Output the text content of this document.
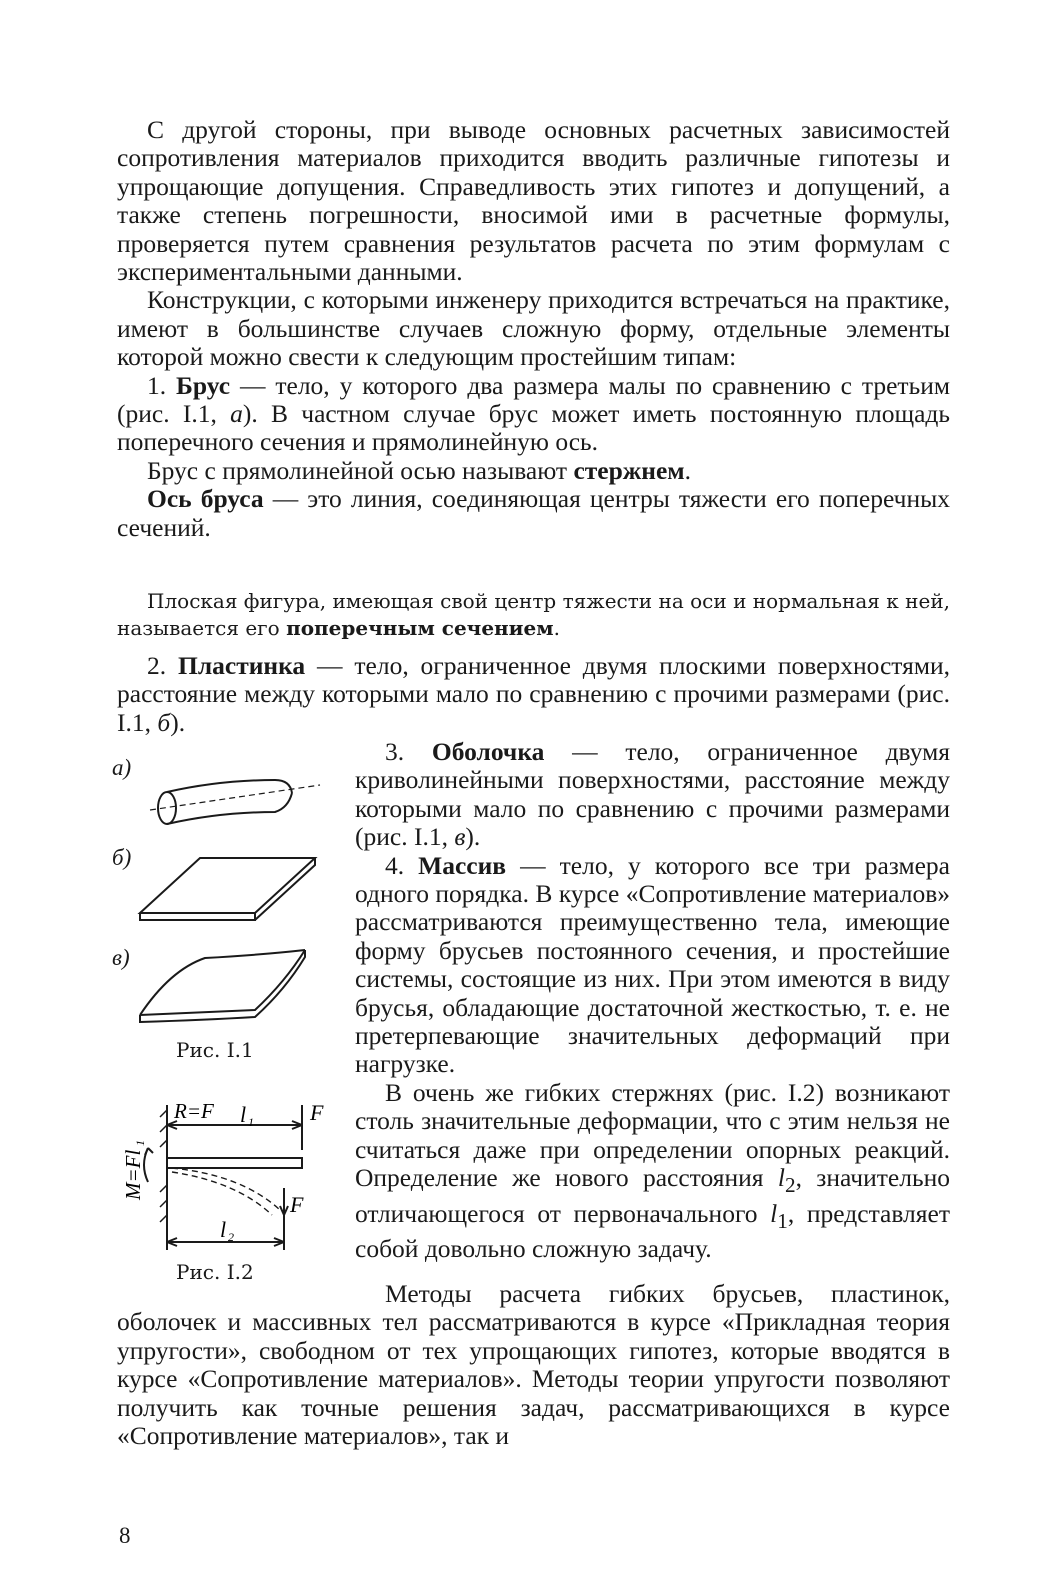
С другой стороны, при выводе основных расчетных зависимостей сопротивления материалов приходится вводить различные гипотезы и упрощающие допущения. Справедливость этих гипотез и допущений, а также степень погрешности, вносимой ими в расчетные формулы, проверяется путем сравнения результатов расчета по этим формулам с экспериментальными данными.

Конструкции, с которыми инженеру приходится встречаться на практике, имеют в большинстве случаев сложную форму, отдельные элементы которой можно свести к следующим простейшим типам:

1. Брус — тело, у которого два размера малы по сравнению с третьим (рис. I.1, а). В частном случае брус может иметь постоянную площадь поперечного сечения и прямолинейную ось.

Брус с прямолинейной осью называют стержнем.

Ось бруса — это линия, соединяющая центры тяжести его поперечных сечений.

Плоская фигура, имеющая свой центр тяжести на оси и нормальная к ней, называется его поперечным сечением.

2. Пластинка — тело, ограниченное двумя плоскими поверхностями, расстояние между которыми мало по сравнению с прочими размерами (рис. I.1, б).

3. Оболочка — тело, ограниченное двумя криволинейными поверхностями, расстояние между которыми мало по сравнению с прочими размерами (рис. I.1, в).

4. Массив — тело, у которого все три размера одного порядка. В курсе «Сопротивление материалов» рассматриваются преимущественно тела, имеющие форму брусьев постоянного сечения, и простейшие системы, состоящие из них. При этом имеются в виду брусья, обладающие достаточной жесткостью, т. е. не претерпевающие значительных деформаций при нагрузке.

В очень же гибких стержнях (рис. I.2) возникают столь значительные деформации, что с этим нельзя не считаться даже при определении опорных реакций. Определение же нового расстояния $l_2$, значительно отличающегося от первоначального $l_1$, представляет собой довольно сложную задачу.

Методы расчета гибких брусьев, пластинок, оболочек и массивных тел рассматриваются в курсе «Прикладная теория упругости», свободном от тех упрощающих гипотез, которые вводятся в курсе «Сопротивление материалов». Методы теории упругости позволяют получить как точные решения задач, рассматривающихся в курсе «Сопротивление материалов», так и

а)
б)
в)
Рис. I.1
R=F l 1	F
F
l 2
M=Fl
1
Рис. I.2
8
